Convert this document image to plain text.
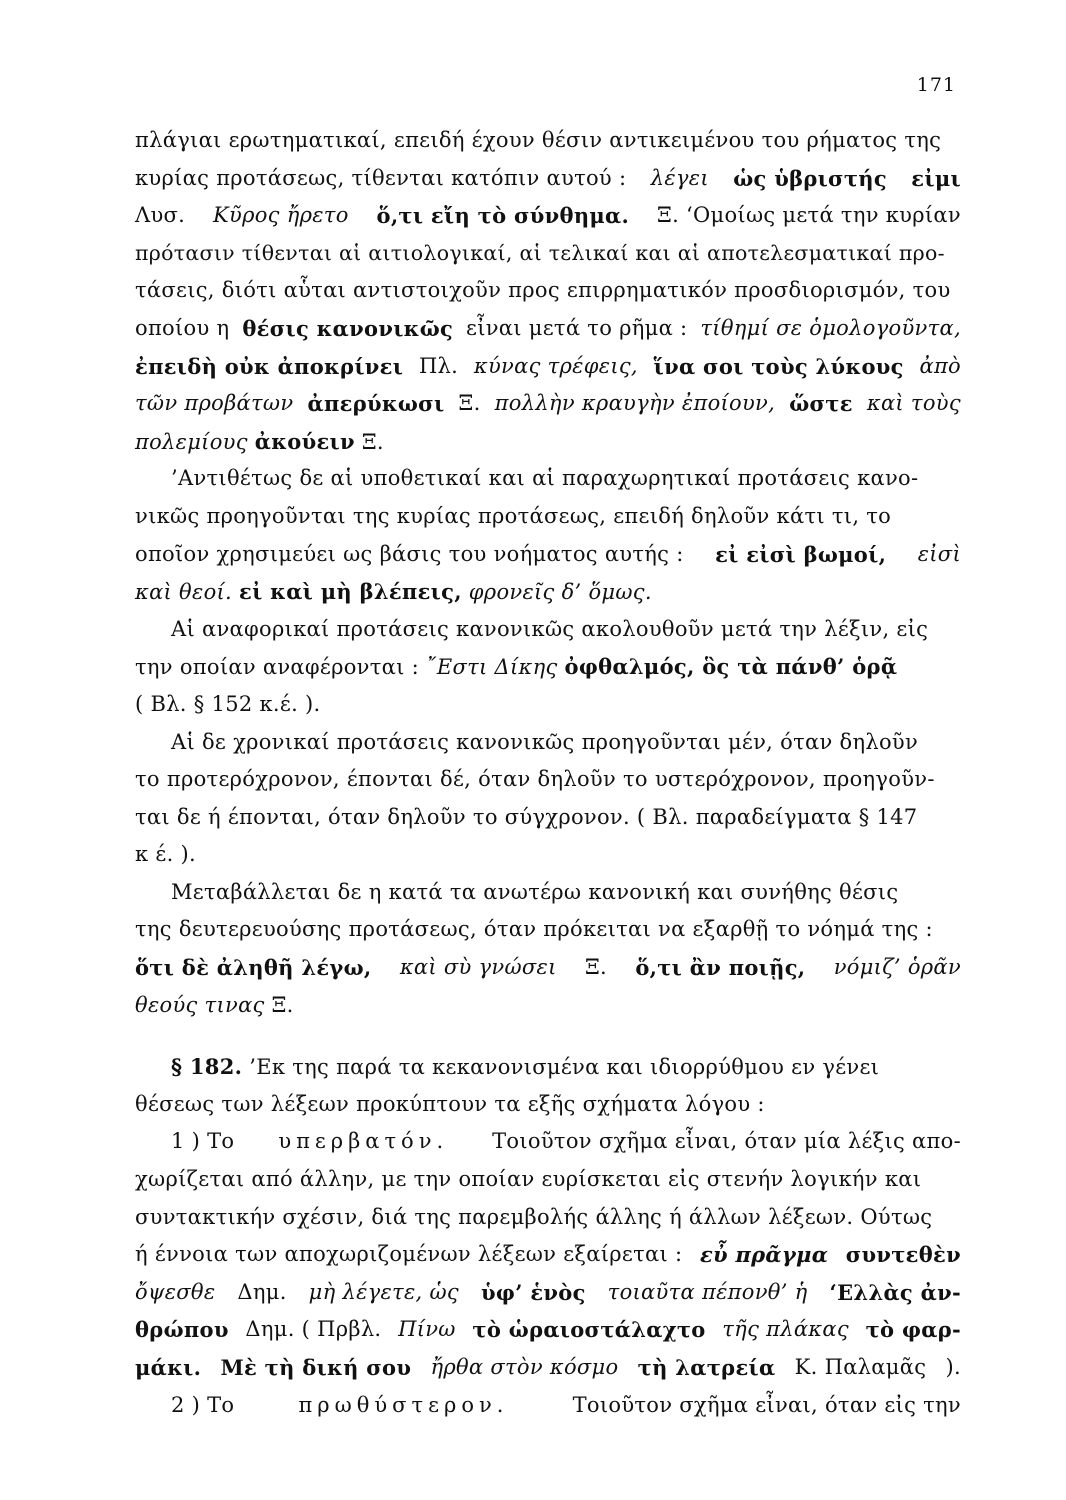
171
πλάγιαι ερωτηματικαί, επειδή έχουν θέσιν αντικειμένου του ρήματος της
κυρίας προτάσεως, τίθενται κατόπιν αυτού : λέγει ὡς ὑβριστής εἰμι
Λυσ. Κῦρος ἤρετο ὅ,τι εἴη τὸ σύνθημα. Ξ. ‘Ομοίως μετά την κυρίαν
πρότασιν τίθενται αἱ αιτιολογικαί, αἱ τελικαί και αἱ αποτελεσματικαί προ-
τάσεις, διότι αὗται αντιστοιχοῦν προς επιρρηματικόν προσδιορισμόν, του
οποίου η θέσις κανονικῶς εἶναι μετά το ρῆμα : τίθημί σε ὁμολογοῦντα,
ἐπειδὴ οὐκ ἀποκρίνει Πλ. κύνας τρέφεις, ἵνα σοι τοὺς λύκους ἀπὸ
τῶν προβάτων ἀπερύκωσι Ξ. πολλὴν κραυγὴν ἐποίουν, ὥστε καὶ τοὺς
πολεμίους ἀκούειν Ξ.
’Αντιθέτως δε αἱ υποθετικαί και αἱ παραχωρητικαί προτάσεις κανο-
νικῶς προηγοῦνται της κυρίας προτάσεως, επειδή δηλοῦν κάτι τι, το
οποῖον χρησιμεύει ως βάσις του νοήματος αυτής : εἰ εἰσὶ βωμοί, εἰσὶ
καὶ θεοί. εἰ καὶ μὴ βλέπεις, φρονεῖς δ’ ὅμως.
Αἱ αναφορικαί προτάσεις κανονικῶς ακολουθοῦν μετά την λέξιν, εἰς
την οποίαν αναφέρονται : ῎Εστι Δίκης ὀφθαλμός, ὃς τὰ πάνθ’ ὁρᾷ
( Βλ. § 152 κ.έ. ).
Αἱ δε χρονικαί προτάσεις κανονικῶς προηγοῦνται μέν, όταν δηλοῦν
το προτερόχρονον, έπονται δέ, όταν δηλοῦν το υστερόχρονον, προηγοῦν-
ται δε ή έπονται, όταν δηλοῦν το σύγχρονον. ( Βλ. παραδείγματα § 147
κ έ. ).
Μεταβάλλεται δε η κατά τα ανωτέρω κανονική και συνήθης θέσις
της δευτερευούσης προτάσεως, όταν πρόκειται να εξαρθῇ το νόημά της :
ὅτι δὲ ἀληθῆ λέγω, καὶ σὺ γνώσει Ξ. ὅ,τι ἂν ποιῇς, νόμιζ’ ὁρᾶν
θεούς τινας Ξ.
§ 182. ’Εκ της παρά τα κεκανονισμένα και ιδιορρύθμου εν γένει
θέσεως των λέξεων προκύπτουν τα εξῆς σχήματα λόγου :
1 ) Το υπερβατόν. Τοιοῦτον σχῆμα εἶναι, όταν μία λέξις απο-
χωρίζεται από άλλην, με την οποίαν ευρίσκεται εἰς στενήν λογικήν και
συντακτικήν σχέσιν, διά της παρεμβολής άλλης ή άλλων λέξεων. Ούτως
ή έννοια των αποχωριζομένων λέξεων εξαίρεται : εὖ πρᾶγμα συντεθὲν
ὄψεσθε Δημ. μὴ λέγετε, ὡς ὑφ’ ἑνὸς τοιαῦτα πέπονθ’ ἡ ‘Ελλὰς ἀν-
θρώπου Δημ. ( Πρβλ. Πίνω τὸ ὡραιοστάλαχτο τῆς πλάκας τὸ φαρ-
μάκι. Μὲ τὴ δική σου ἤρθα στὸν κόσμο τὴ λατρεία Κ. Παλαμᾶς ).
2 ) Το	πρωθύστερον.	Τοιοῦτον σχῆμα εἶναι, όταν εἰς την
